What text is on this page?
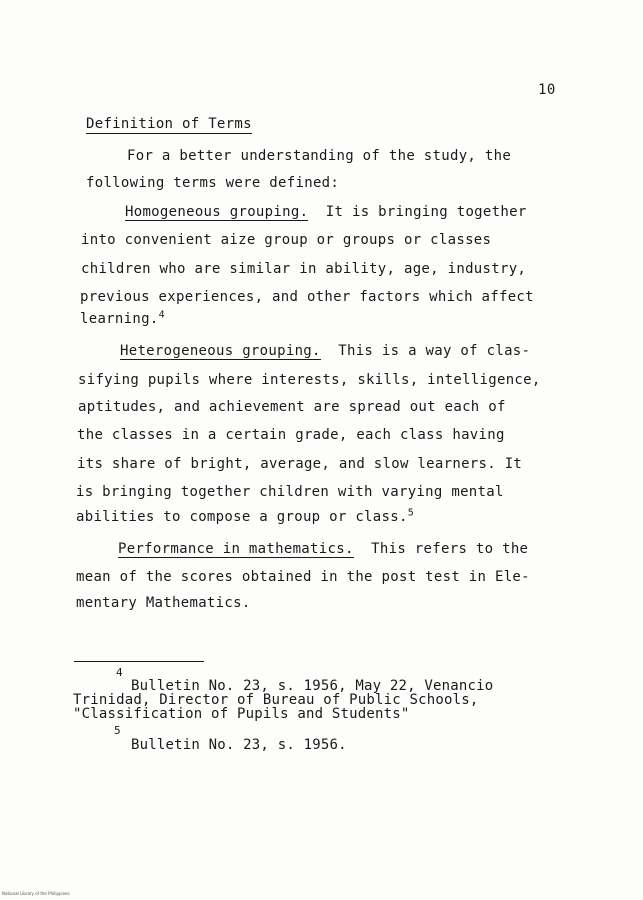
10
Definition of Terms
For a better understanding of the study, the
following terms were defined:
Homogeneous grouping. It is bringing together
into convenient aize group or groups or classes
children who are similar in ability, age, industry,
previous experiences, and other factors which affect
learning.$^4$
Heterogeneous grouping. This is a way of clas-
sifying pupils where interests, skills, intelligence,
aptitudes, and achievement are spread out each of
the classes in a certain grade, each class having
its share of bright, average, and slow learners. It
is bringing together children with varying mental
abilities to compose a group or class.$^5$
Performance in mathematics. This refers to the
mean of the scores obtained in the post test in Ele-
mentary Mathematics.
4
Bulletin No. 23, s. 1956, May 22, Venancio
Trinidad, Director of Bureau of Public Schools,
"Classification of Pupils and Students"
5
Bulletin No. 23, s. 1956.
National Library of the Philippines
